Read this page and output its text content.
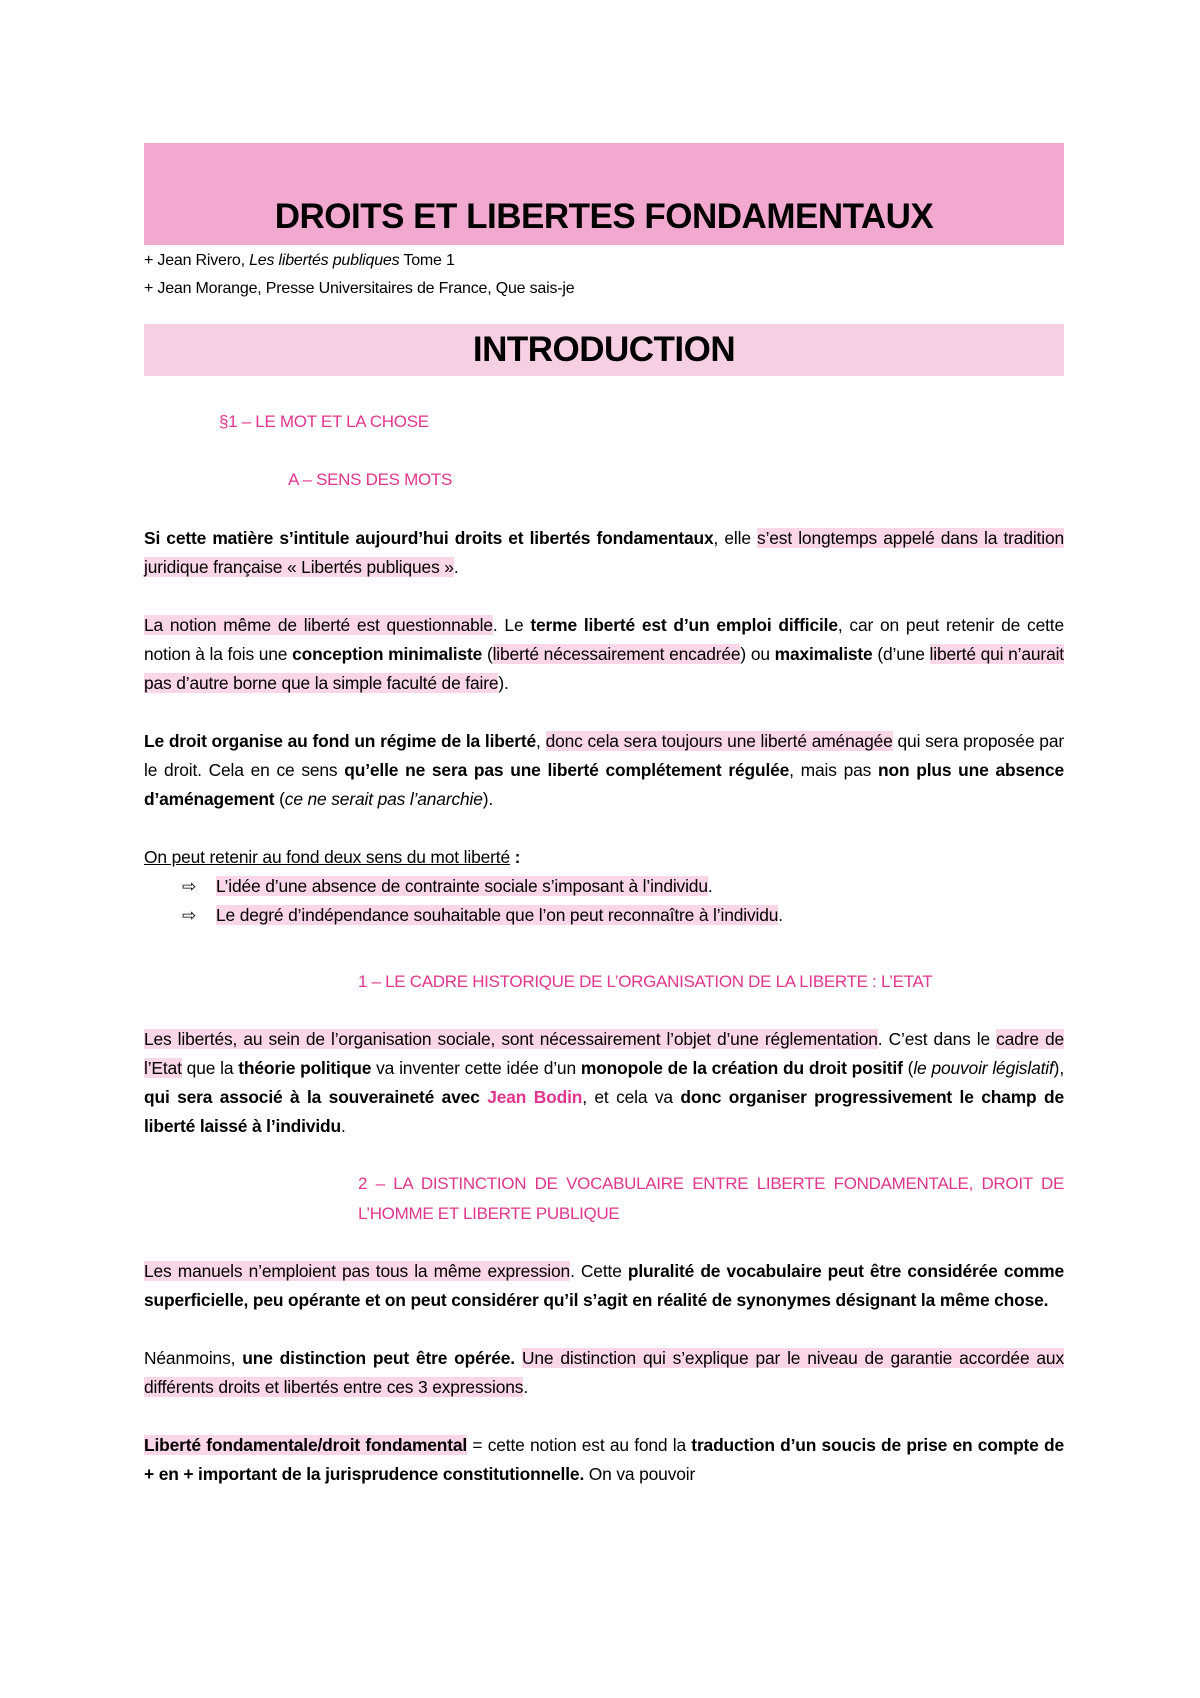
DROITS ET LIBERTES FONDAMENTAUX
+ Jean Rivero, Les libertés publiques Tome 1
+ Jean Morange, Presse Universitaires de France, Que sais-je
INTRODUCTION
§1 – LE MOT ET LA CHOSE
A – SENS DES MOTS
Si cette matière s’intitule aujourd’hui droits et libertés fondamentaux, elle s’est longtemps appelé dans la tradition juridique française « Libertés publiques ».
La notion même de liberté est questionnable. Le terme liberté est d’un emploi difficile, car on peut retenir de cette notion à la fois une conception minimaliste (liberté nécessairement encadrée) ou maximaliste (d’une liberté qui n’aurait pas d’autre borne que la simple faculté de faire).
Le droit organise au fond un régime de la liberté, donc cela sera toujours une liberté aménagée qui sera proposée par le droit. Cela en ce sens qu’elle ne sera pas une liberté complétement régulée, mais pas non plus une absence d’aménagement (ce ne serait pas l’anarchie).
On peut retenir au fond deux sens du mot liberté :
⇨ L’idée d’une absence de contrainte sociale s’imposant à l’individu.
⇨ Le degré d’indépendance souhaitable que l’on peut reconnaître à l’individu.
1 – LE CADRE HISTORIQUE DE L’ORGANISATION DE LA LIBERTE : L’ETAT
Les libertés, au sein de l’organisation sociale, sont nécessairement l’objet d’une réglementation. C’est dans le cadre de l’Etat que la théorie politique va inventer cette idée d’un monopole de la création du droit positif (le pouvoir législatif), qui sera associé à la souveraineté avec Jean Bodin, et cela va donc organiser progressivement le champ de liberté laissé à l’individu.
2 – LA DISTINCTION DE VOCABULAIRE ENTRE LIBERTE FONDAMENTALE, DROIT DE L’HOMME ET LIBERTE PUBLIQUE
Les manuels n’emploient pas tous la même expression. Cette pluralité de vocabulaire peut être considérée comme superficielle, peu opérante et on peut considérer qu’il s’agit en réalité de synonymes désignant la même chose.
Néanmoins, une distinction peut être opérée. Une distinction qui s’explique par le niveau de garantie accordée aux différents droits et libertés entre ces 3 expressions.
Liberté fondamentale/droit fondamental = cette notion est au fond la traduction d’un soucis de prise en compte de + en + important de la jurisprudence constitutionnelle. On va pouvoir
